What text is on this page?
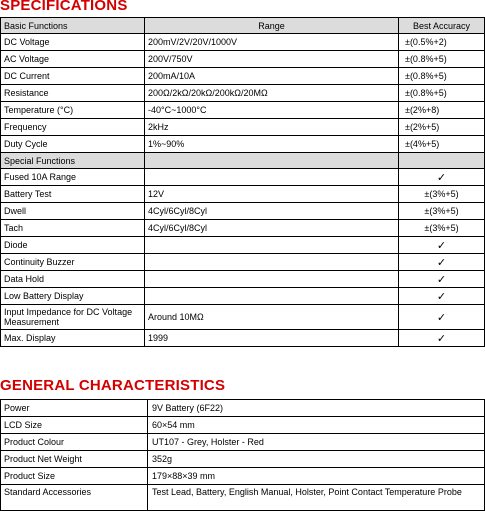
SPECIFICATIONS
Basic Functions	Range	Best Accuracy
DC Voltage	200mV/2V/20V/1000V	±(0.5%+2)
AC Voltage	200V/750V	±(0.8%+5)
DC Current	200mA/10A	±(0.8%+5)
Resistance	200Ω/2kΩ/20kΩ/200kΩ/20MΩ	±(0.8%+5)
Temperature (°C)	-40°C~1000°C	±(2%+8)
Frequency	2kHz	±(2%+5)
Duty Cycle	1%~90%	±(4%+5)
Special Functions		
Fused 10A Range		✓
Battery Test	12V	±(3%+5)
Dwell	4Cyl/6Cyl/8Cyl	±(3%+5)
Tach	4Cyl/6Cyl/8Cyl	±(3%+5)
Diode		✓
Continuity Buzzer		✓
Data Hold		✓
Low Battery Display		✓
Input Impedance for DC Voltage Measurement	Around 10MΩ	✓
Max. Display	1999	✓
GENERAL CHARACTERISTICS
Power	9V Battery (6F22)
LCD Size	60×54 mm
Product Colour	UT107 - Grey, Holster - Red
Product Net Weight	352g
Product Size	179×88×39 mm
Standard Accessories	Test Lead, Battery, English Manual, Holster, Point Contact Temperature Probe
